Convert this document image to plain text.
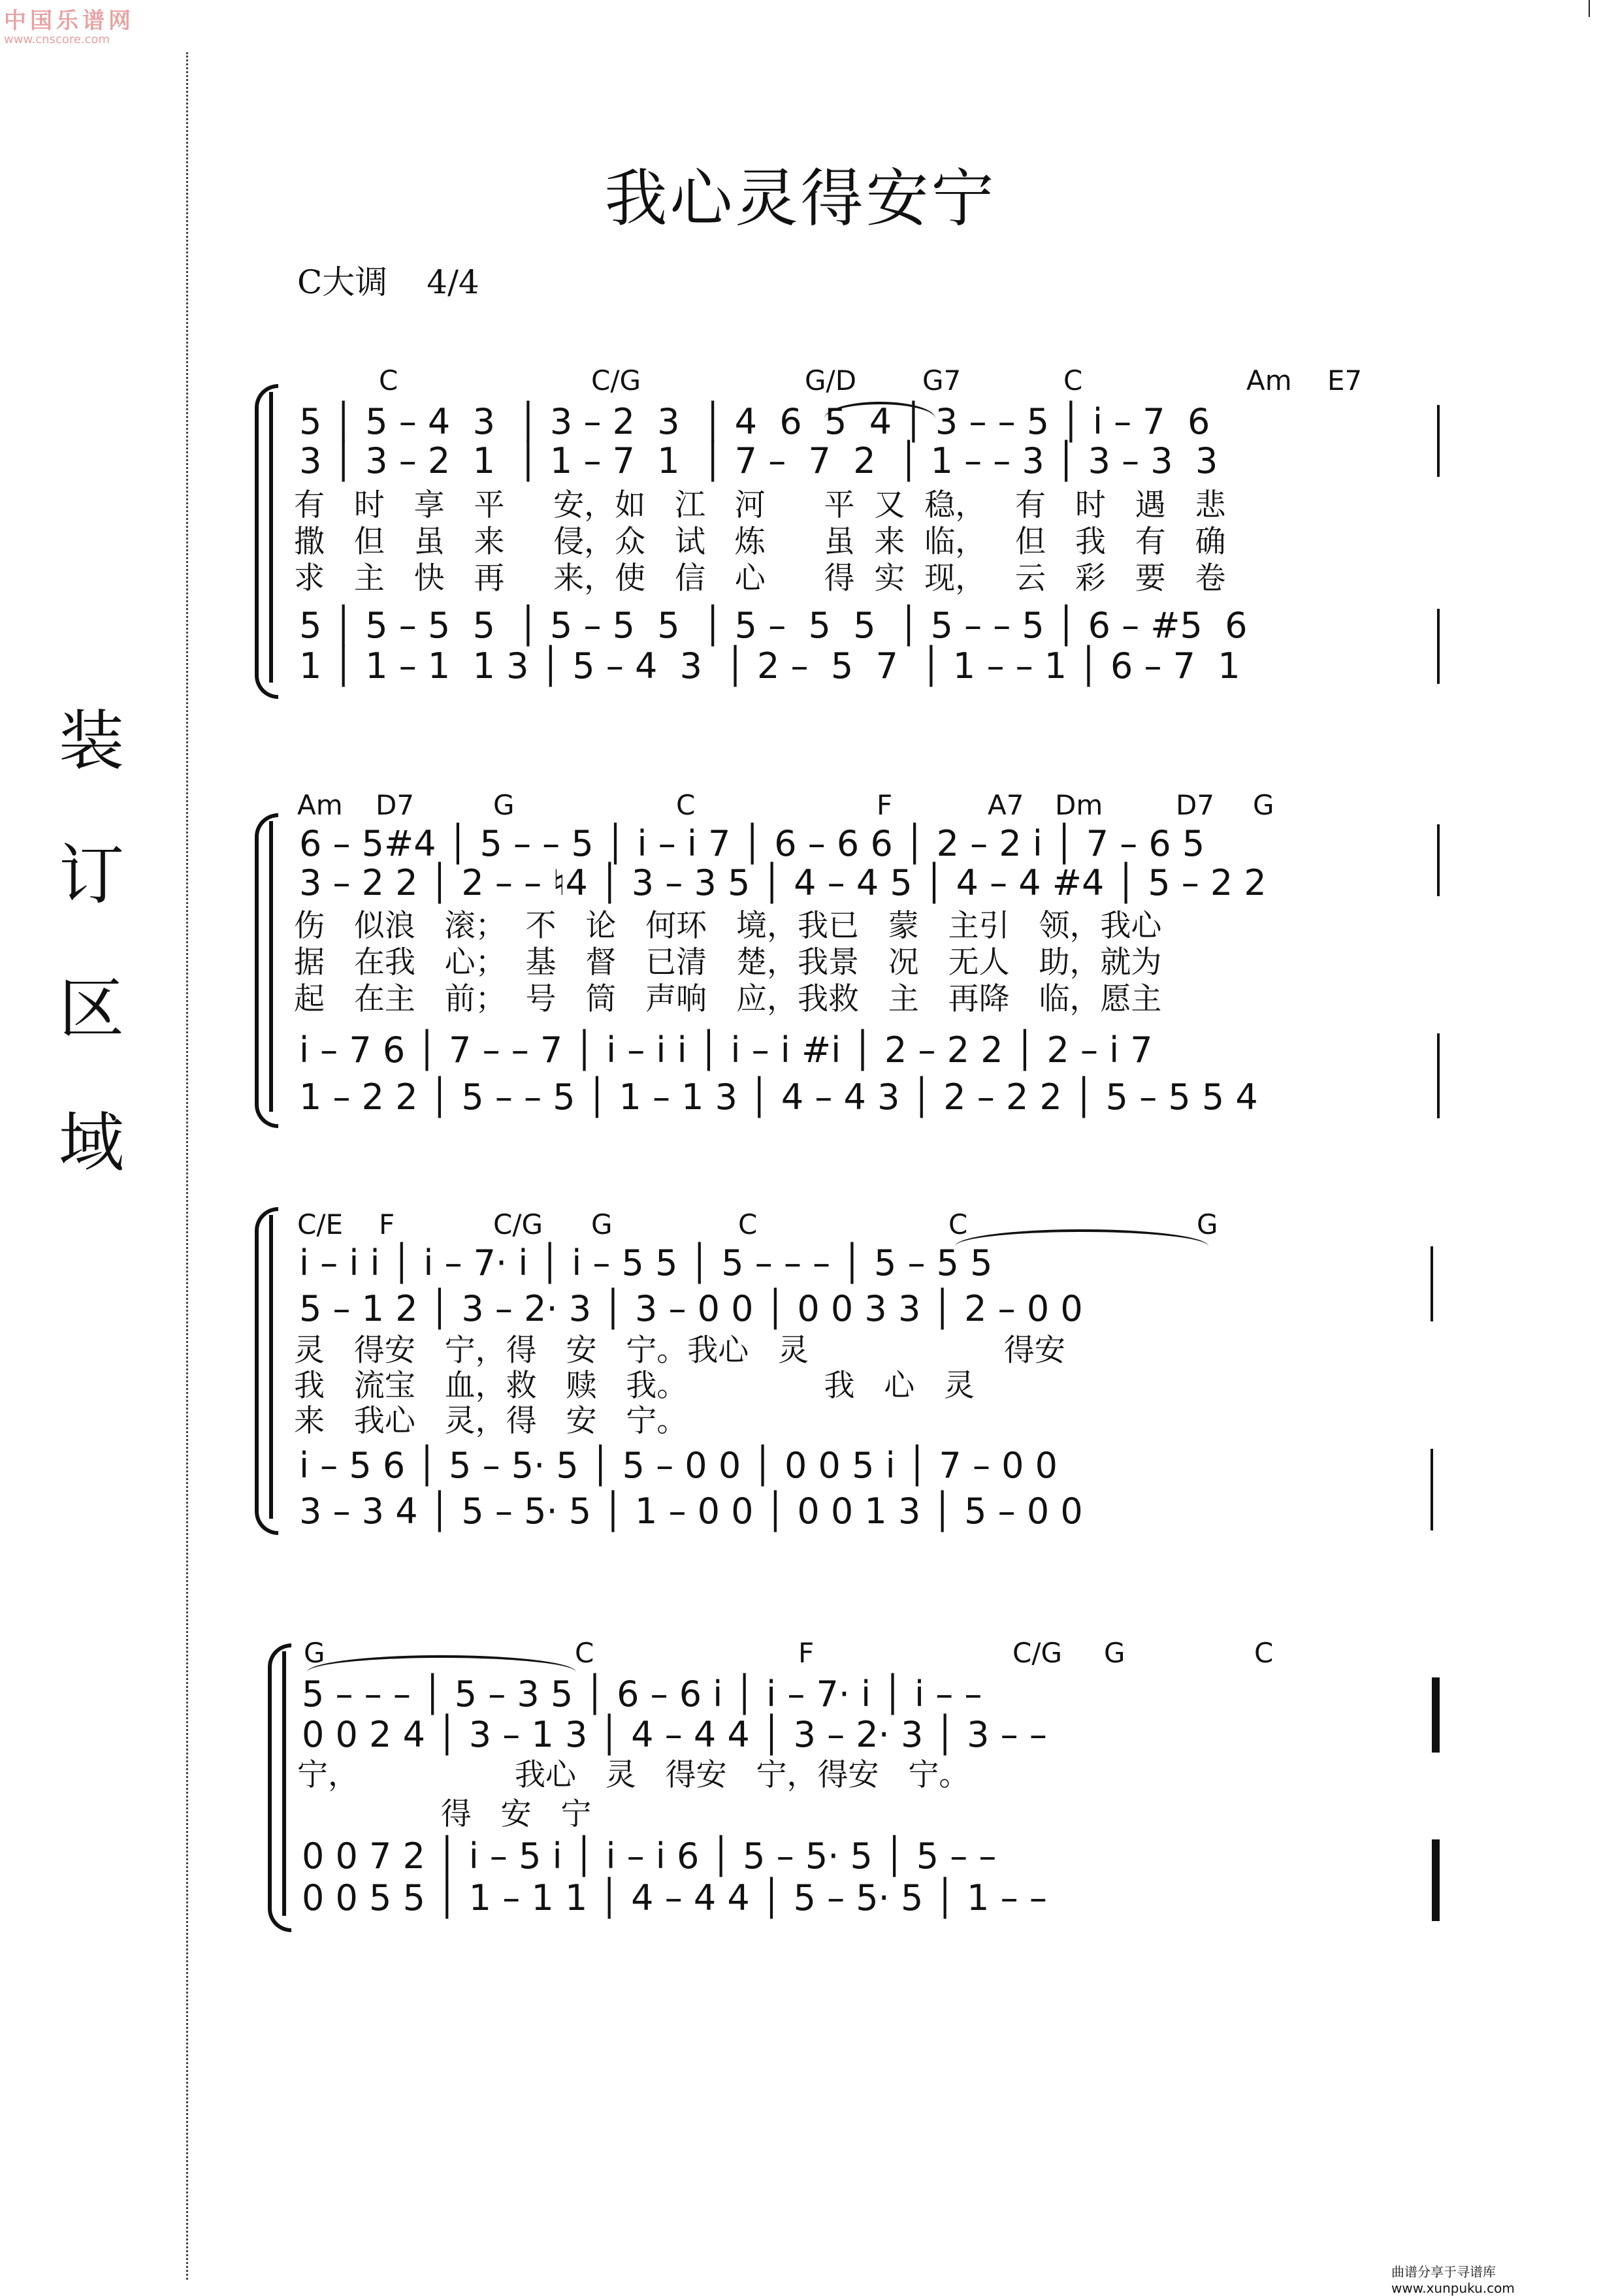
中国乐谱网
www.cnscore.com
装
订
区
域
我心灵得安宁
C大调 4/4
C	C/G	G/D G7	C	Am E7
5 │ 5 – 4  3  │ 3 – 2  3  │ 4  6  5  4 │ 3 – – 5 │ i – 7  6
3 │ 3 – 2  1  │ 1 – 7  1  │ 7 –  7  2  │ 1 – – 3 │ 3 – 3  3
有   时   享   平     安，如   江   河      平  又  稳，   有   时   遇   悲
撒   但   虽   来     侵，众   试   炼      虽  来  临，   但   我   有   确
求   主   快   再     来，使   信   心      得  实  现，   云   彩   要   卷
5 │ 5 – 5  5  │ 5 – 5  5  │ 5 –  5  5  │ 5 – – 5 │ 6 – #5  6
1 │ 1 – 1  1 3 │ 5 – 4  3  │ 2 –  5  7  │ 1 – – 1 │ 6 – 7  1
Am D7	G	C	F	A7 Dm	D7 G
6 – 5#4 │ 5 – – 5 │ i – i 7 │ 6 – 6 6 │ 2 – 2 i │ 7 – 6 5
3 – 2 2 │ 2 – – ♮4 │ 3 – 3 5 │ 4 – 4 5 │ 4 – 4 #4 │ 5 – 2 2
伤   似浪   滚；  不   论   何环   境，我已   蒙   主引   领，我心
据   在我   心；  基   督   已清   楚，我景   况   无人   助，就为
起   在主   前；  号   筒   声响   应，我救   主   再降   临，愿主
i – 7 6 │ 7 – – 7 │ i – i i │ i – i #i │ 2 – 2 2 │ 2 – i 7
1 – 2 2 │ 5 – – 5 │ 1 – 1 3 │ 4 – 4 3 │ 2 – 2 2 │ 5 – 5 5 4
C/E F	C/G G	C	C	G
i – i i │ i – 7· i │ i – 5 5 │ 5 – – – │ 5 – 5 5
5 – 1 2 │ 3 – 2· 3 │ 3 – 0 0 │ 0 0 3 3 │ 2 – 0 0
灵   得安   宁，得   安   宁。我心   灵                    得安
我   流宝   血，救   赎   我。              我   心   灵
来   我心   灵，得   安   宁。
i – 5 6 │ 5 – 5· 5 │ 5 – 0 0 │ 0 0 5 i │ 7 – 0 0
3 – 3 4 │ 5 – 5· 5 │ 1 – 0 0 │ 0 0 1 3 │ 5 – 0 0
G	C	F	C/G G	C
5 – – – │ 5 – 3 5 │ 6 – 6 i │ i – 7· i │ i – –
0 0 2 4 │ 3 – 1 3 │ 4 – 4 4 │ 3 – 2· 3 │ 3 – –
宁，                我心   灵   得安   宁，得安   宁。
得   安   宁
0 0 7 2 │ i – 5 i │ i – i 6 │ 5 – 5· 5 │ 5 – –
0 0 5 5 │ 1 – 1 1 │ 4 – 4 4 │ 5 – 5· 5 │ 1 – –
曲谱分享于寻谱库 www.xunpuku.com
